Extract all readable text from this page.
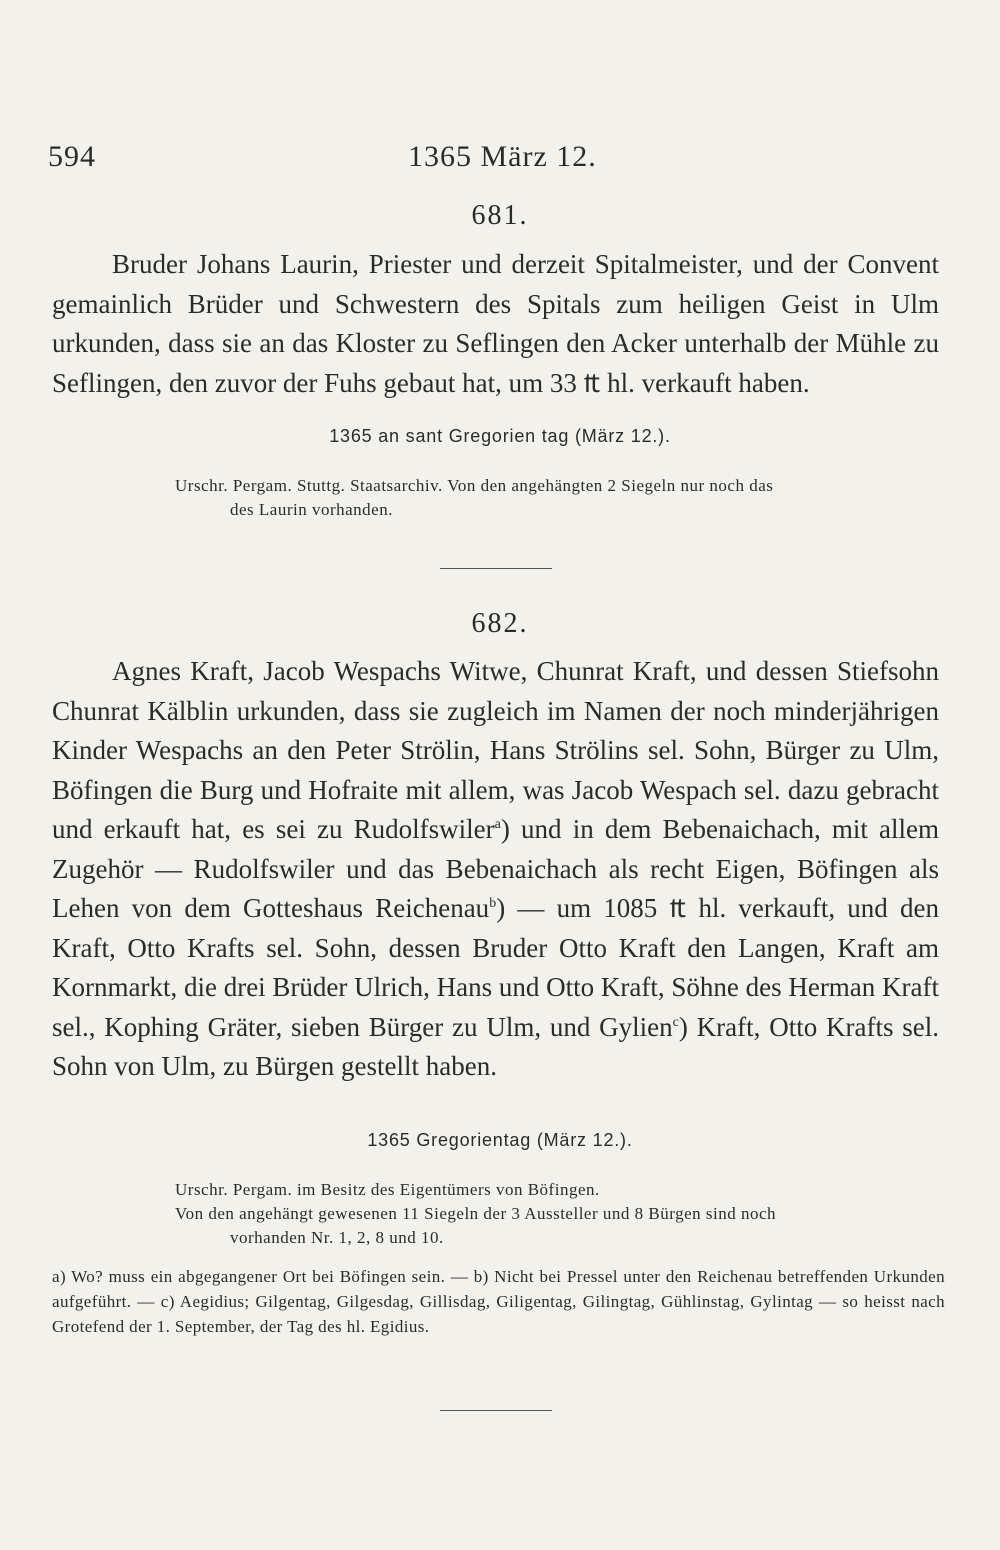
594	1365 März 12.
681.
Bruder Johans Laurin, Priester und derzeit Spitalmeister, und der Convent gemainlich Brüder und Schwestern des Spitals zum heiligen Geist in Ulm urkunden, dass sie an das Kloster zu Seflingen den Acker unterhalb der Mühle zu Seflingen, den zuvor der Fuhs gebaut hat, um 33 ₶ hl. verkauft haben.
1365 an sant Gregorien tag (März 12.).

Urschr. Pergam. Stuttg. Staatsarchiv. Von den angehängten 2 Siegeln nur noch das

des Laurin vorhanden.

682.
Agnes Kraft, Jacob Wespachs Witwe, Chunrat Kraft, und dessen Stiefsohn Chunrat Kälblin urkunden, dass sie zugleich im Namen der noch minderjährigen Kinder Wespachs an den Peter Strölin, Hans Strölins sel. Sohn, Bürger zu Ulm, Böfingen die Burg und Hofraite mit allem, was Jacob Wespach sel. dazu gebracht und erkauft hat, es sei zu Rudolfswiler$^a$) und in dem Bebenaichach, mit allem Zugehör — Rudolfswiler und das Bebenaichach als recht Eigen, Böfingen als Lehen von dem Gotteshaus Reichenau$^b$) — um 1085 ₶ hl. verkauft, und den Kraft, Otto Krafts sel. Sohn, dessen Bruder Otto Kraft den Langen, Kraft am Kornmarkt, die drei Brüder Ulrich, Hans und Otto Kraft, Söhne des Herman Kraft sel., Kophing Gräter, sieben Bürger zu Ulm, und Gylien$^c$) Kraft, Otto Krafts sel. Sohn von Ulm, zu Bürgen gestellt haben.
1365 Gregorientag (März 12.).

Urschr. Pergam. im Besitz des Eigentümers von Böfingen.

Von den angehängt gewesenen 11 Siegeln der 3 Aussteller und 8 Bürgen sind noch

vorhanden Nr. 1, 2, 8 und 10.

a) Wo? muss ein abgegangener Ort bei Böfingen sein. — b) Nicht bei Pressel unter den Reichenau betreffenden Urkunden aufgeführt. — c) Aegidius; Gilgentag, Gilgesdag, Gillisdag, Giligentag, Gilingtag, Gühlinstag, Gylintag — so heisst nach Grotefend der 1. September, der Tag des hl. Egidius.
